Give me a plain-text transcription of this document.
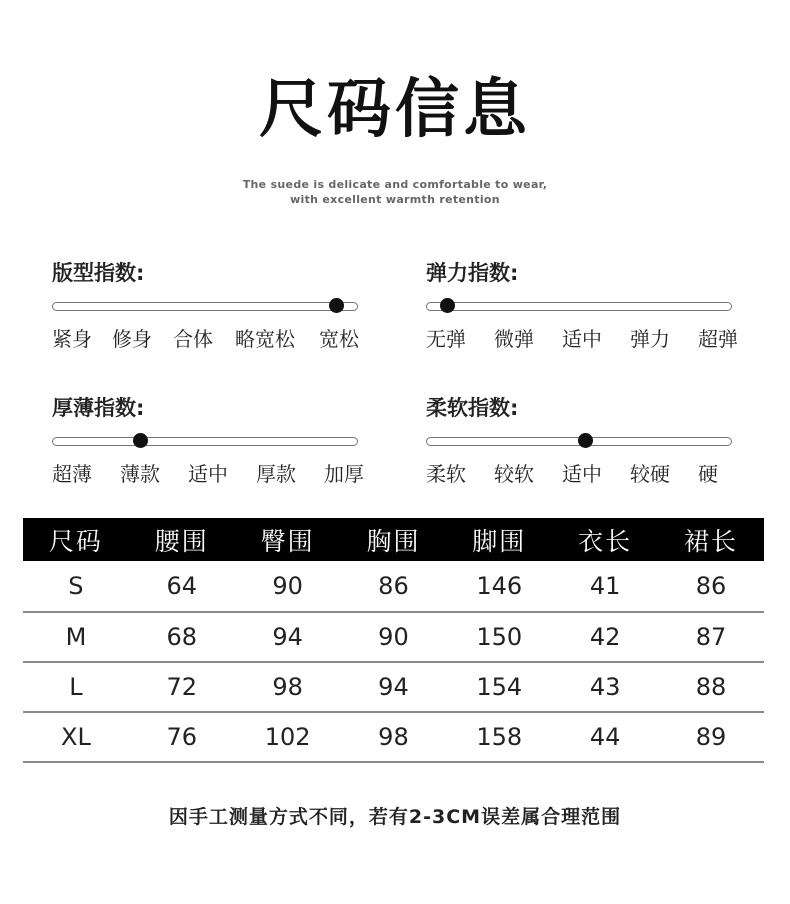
尺码信息
The suede is delicate and comfortable to wear,
with excellent warmth retention
版型指数:
紧身 修身 合体 略宽松 宽松
弹力指数:
无弹 微弹 适中 弹力 超弹
厚薄指数:
超薄 薄款 适中 厚款 加厚
柔软指数:
柔软 较软 适中 较硬 硬
尺码	腰围	臀围	胸围	脚围	衣长	裙长
S	64	90	86	146	41	86
M	68	94	90	150	42	87
L	72	98	94	154	43	88
XL	76	102	98	158	44	89
因手工测量方式不同，若有2-3CM误差属合理范围
